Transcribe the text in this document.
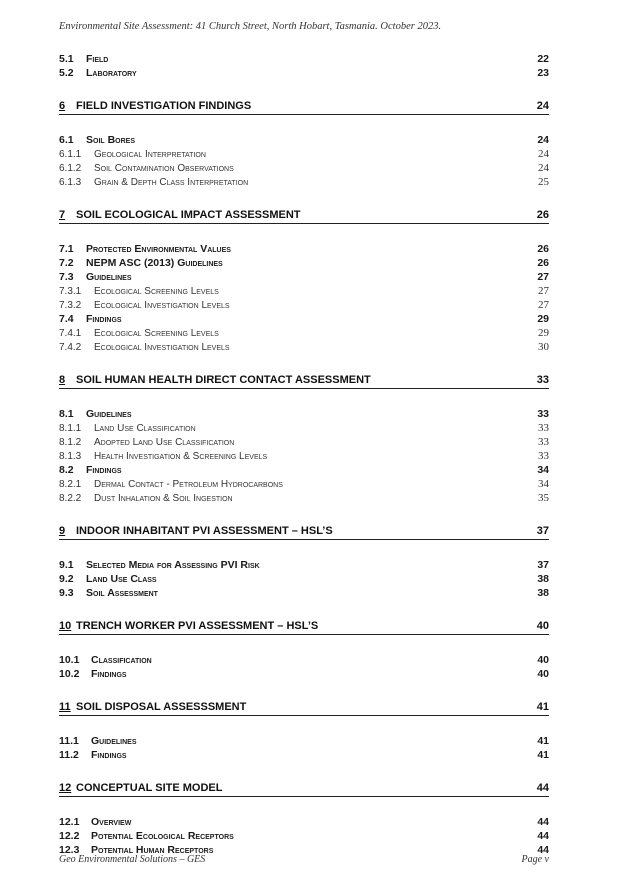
Environmental Site Assessment: 41 Church Street, North Hobart, Tasmania. October 2023.
5.1	Field	22
5.2	Laboratory	23
6 FIELD INVESTIGATION FINDINGS	24
6.1	Soil Bores	24
6.1.1	Geological Interpretation	24
6.1.2	Soil Contamination Observations	24
6.1.3	Grain & Depth Class Interpretation	25
7 SOIL ECOLOGICAL IMPACT ASSESSMENT	26
7.1	Protected Environmental Values	26
7.2	NEPM ASC (2013) Guidelines	26
7.3	Guidelines	27
7.3.1	Ecological Screening Levels	27
7.3.2	Ecological Investigation Levels	27
7.4	Findings	29
7.4.1	Ecological Screening Levels	29
7.4.2	Ecological Investigation Levels	30
8 SOIL HUMAN HEALTH DIRECT CONTACT ASSESSMENT	33
8.1	Guidelines	33
8.1.1	Land Use Classification	33
8.1.2	Adopted Land Use Classification	33
8.1.3	Health Investigation & Screening Levels	33
8.2	Findings	34
8.2.1	Dermal Contact - Petroleum Hydrocarbons	34
8.2.2	Dust Inhalation & Soil Ingestion	35
9 INDOOR INHABITANT PVI ASSESSMENT – HSL’S	37
9.1	Selected Media for Assessing PVI Risk	37
9.2	Land Use Class	38
9.3	Soil Assessment	38
10 TRENCH WORKER PVI ASSESSMENT – HSL’S	40
10.1	Classification	40
10.2	Findings	40
11 SOIL DISPOSAL ASSESSSMENT	41
11.1	Guidelines	41
11.2	Findings	41
12 CONCEPTUAL SITE MODEL	44
12.1	Overview	44
12.2	Potential Ecological Receptors	44
12.3	Potential Human Receptors	44
Geo Environmental Solutions – GES	Page v
